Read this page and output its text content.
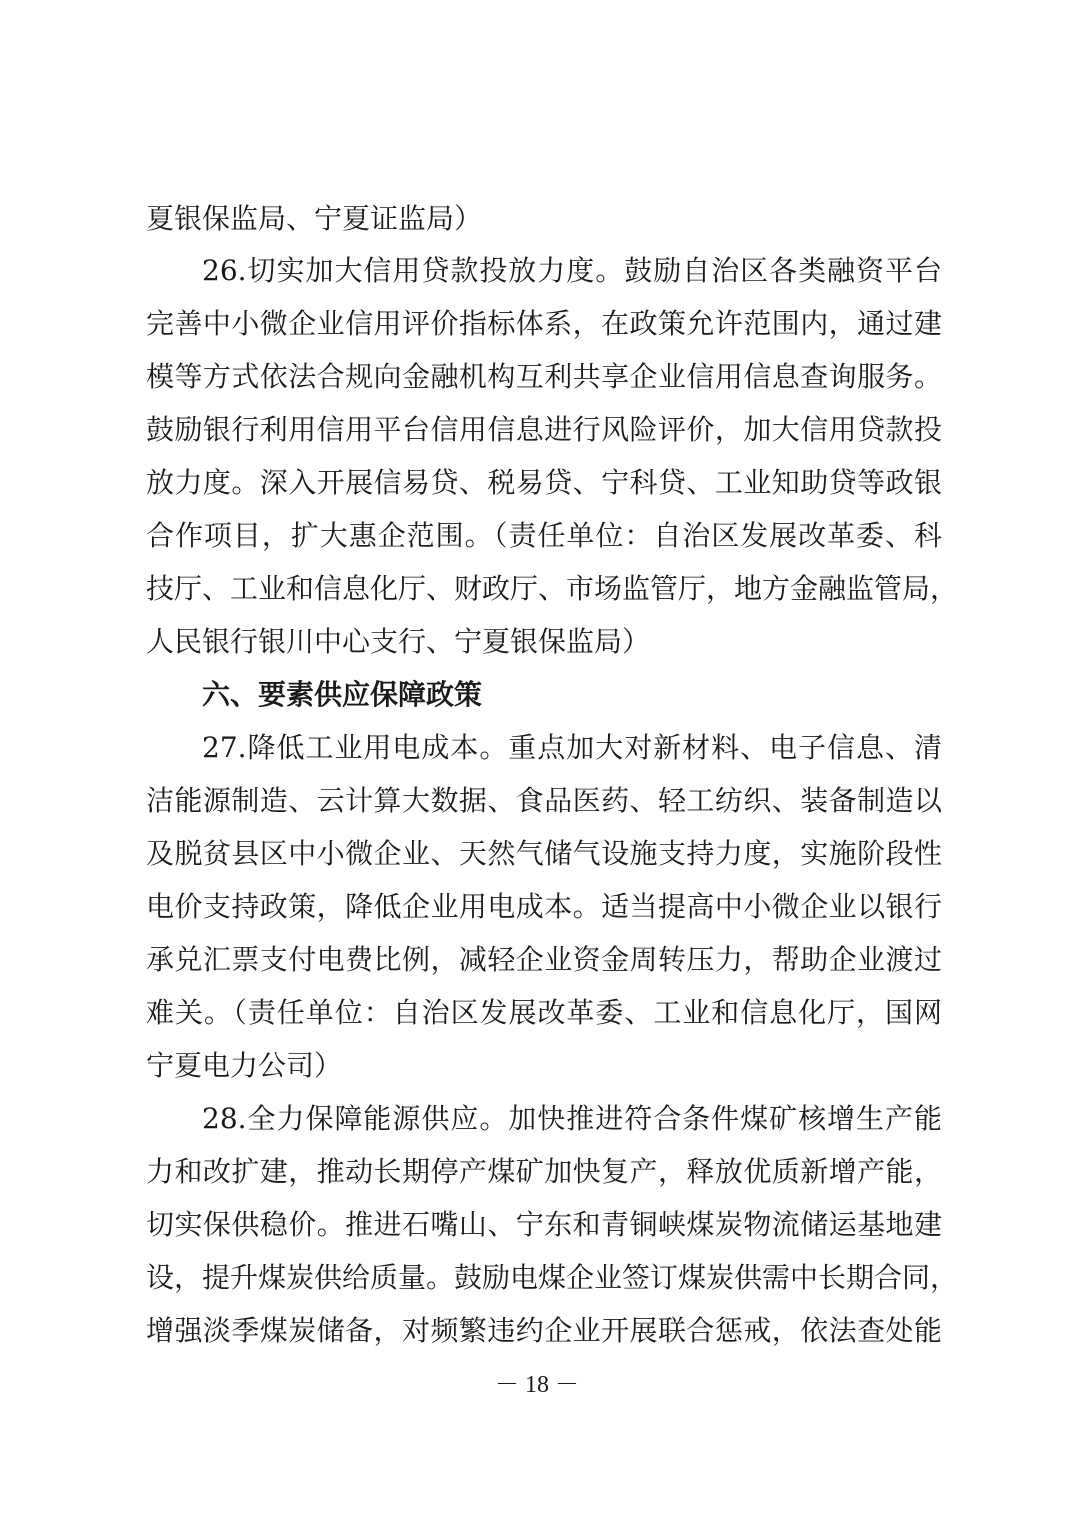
夏银保监局、宁夏证监局）
26.切实加大信用贷款投放力度。鼓励自治区各类融资平台
完善中小微企业信用评价指标体系，在政策允许范围内，通过建
模等方式依法合规向金融机构互利共享企业信用信息查询服务。
鼓励银行利用信用平台信用信息进行风险评价，加大信用贷款投
放力度。深入开展信易贷、税易贷、宁科贷、工业知助贷等政银
合作项目，扩大惠企范围。（责任单位：自治区发展改革委、科
技厅、工业和信息化厅、财政厅、市场监管厅，地方金融监管局，
人民银行银川中心支行、宁夏银保监局）
六、要素供应保障政策
27.降低工业用电成本。重点加大对新材料、电子信息、清
洁能源制造、云计算大数据、食品医药、轻工纺织、装备制造以
及脱贫县区中小微企业、天然气储气设施支持力度，实施阶段性
电价支持政策，降低企业用电成本。适当提高中小微企业以银行
承兑汇票支付电费比例，减轻企业资金周转压力，帮助企业渡过
难关。（责任单位：自治区发展改革委、工业和信息化厅，国网
宁夏电力公司）
28.全力保障能源供应。加快推进符合条件煤矿核增生产能
力和改扩建，推动长期停产煤矿加快复产，释放优质新增产能，
切实保供稳价。推进石嘴山、宁东和青铜峡煤炭物流储运基地建
设，提升煤炭供给质量。鼓励电煤企业签订煤炭供需中长期合同，
增强淡季煤炭储备，对频繁违约企业开展联合惩戒，依法查处能
－ 18 －
